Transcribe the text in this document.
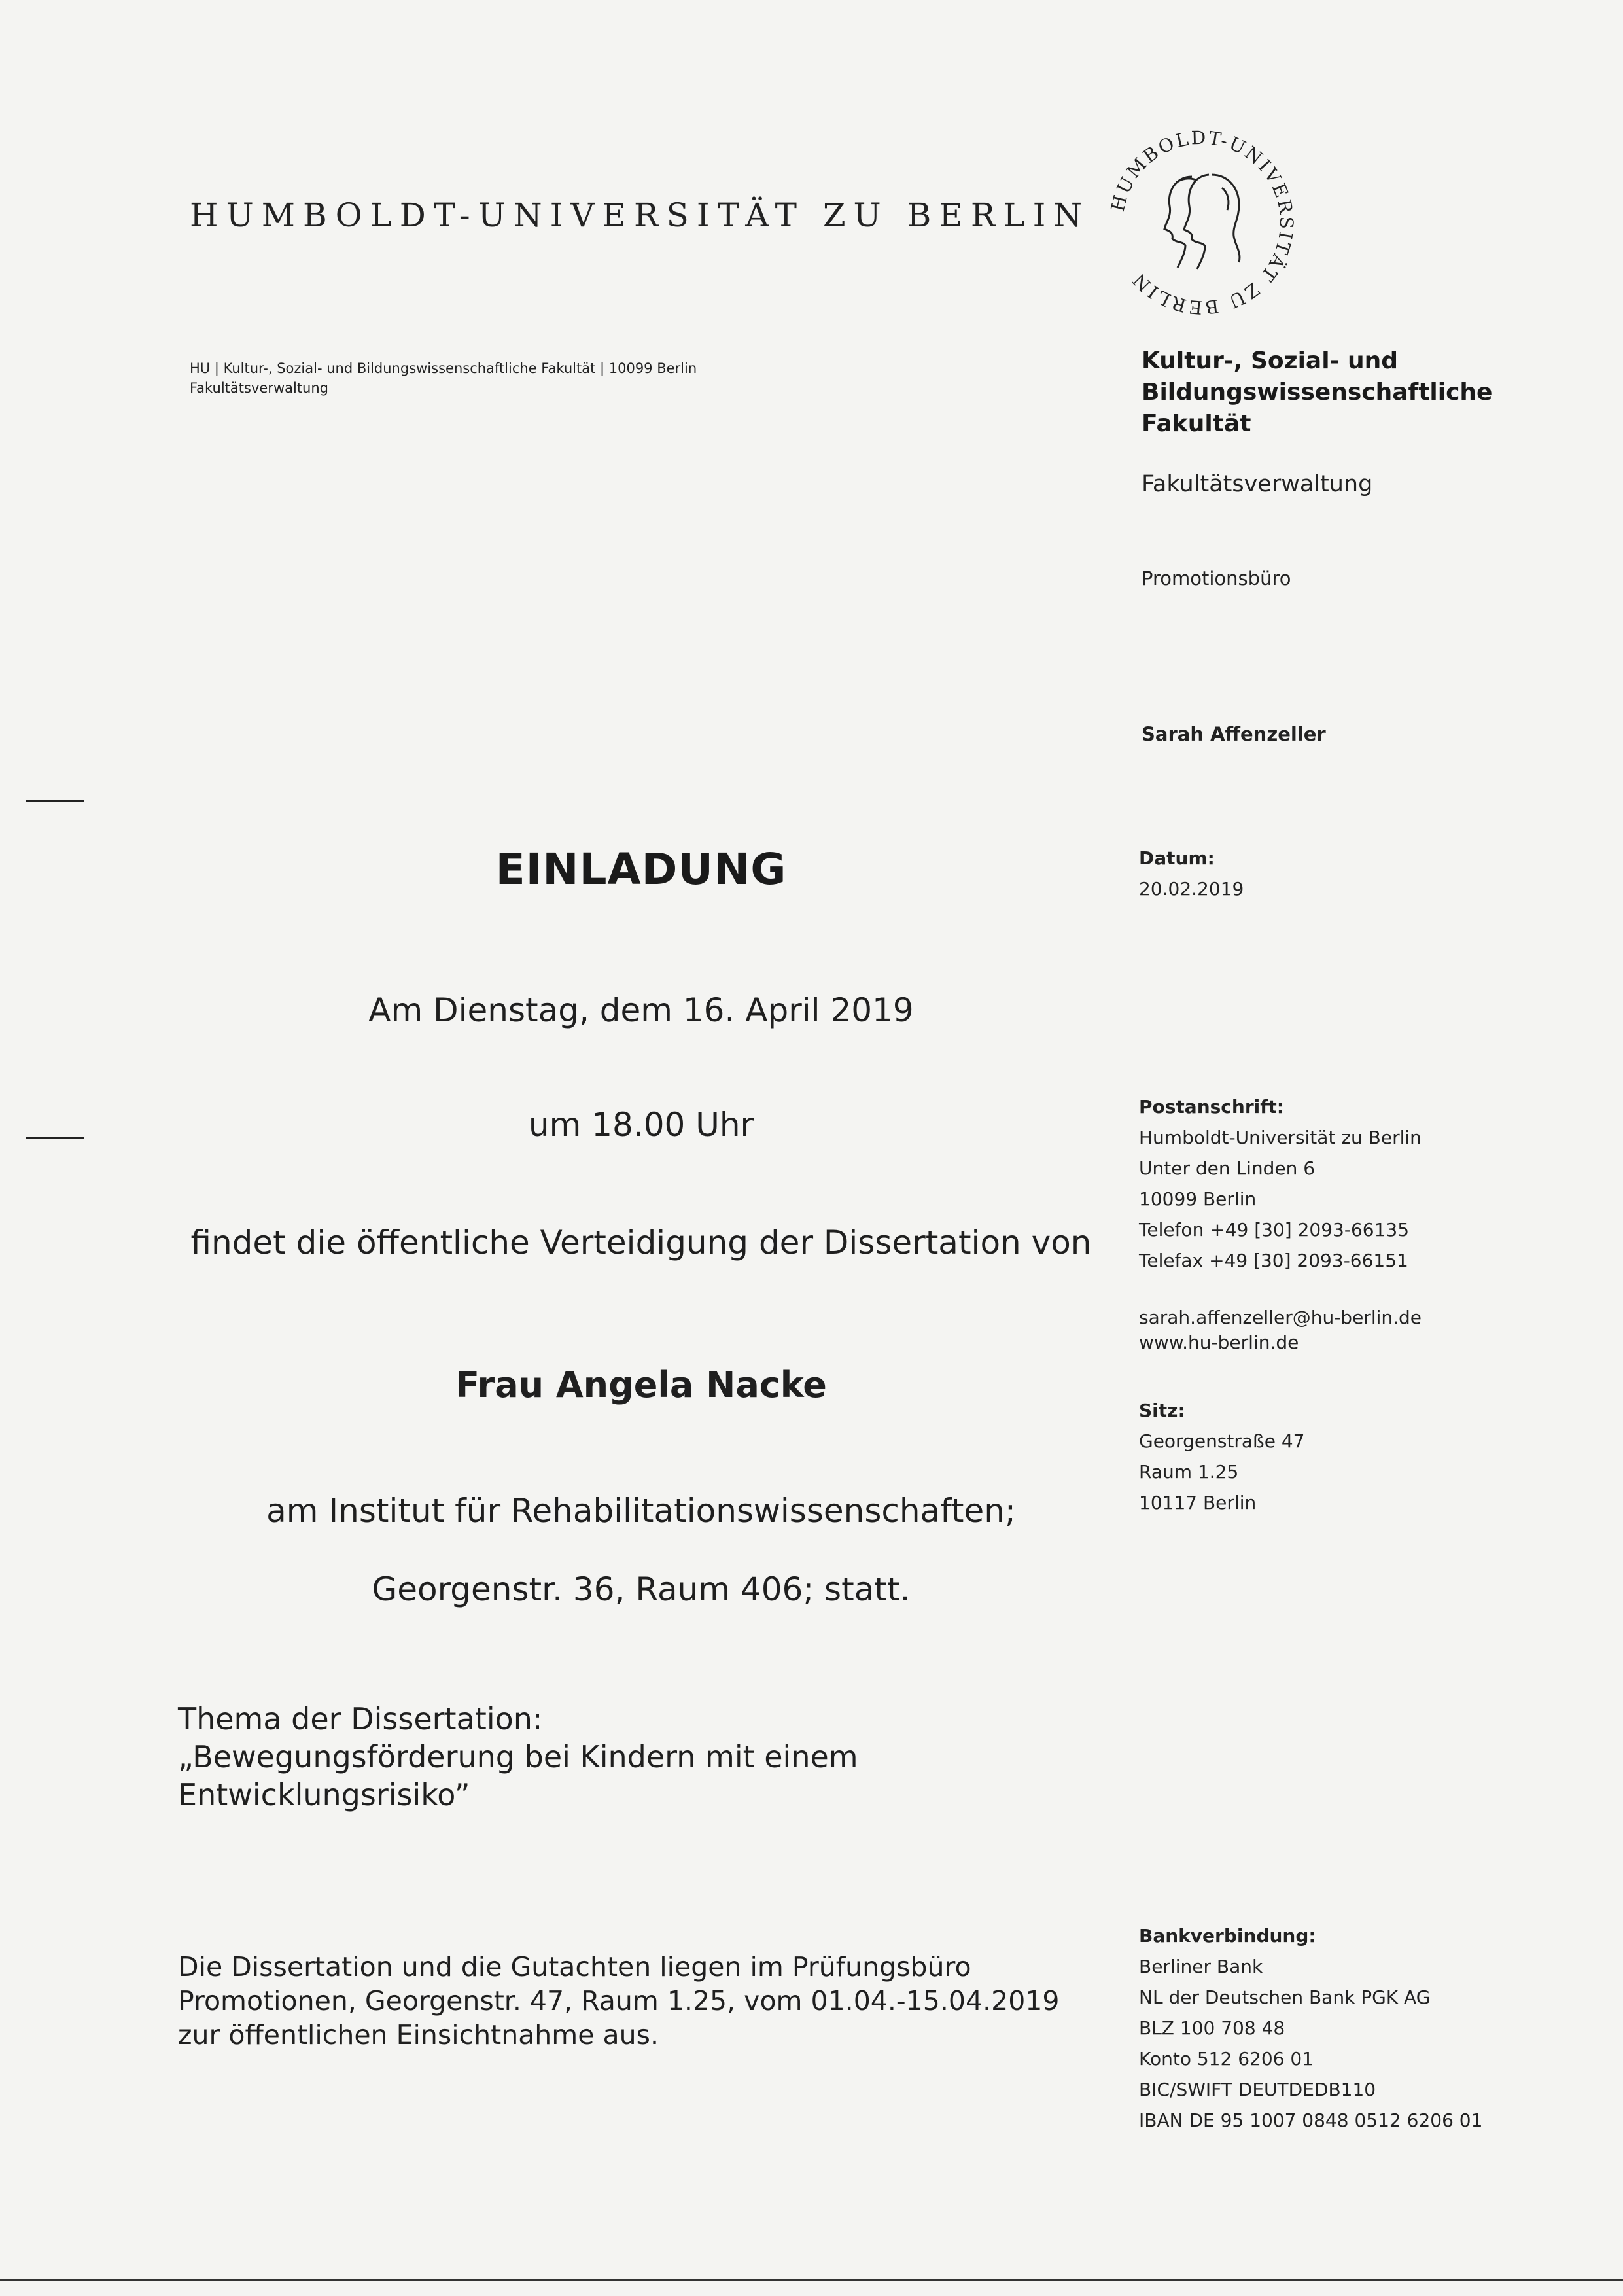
HUMBOLDT-UNIVERSITÄT ZU BERLIN HUMBOLDT-UNIVERSITÄT ZU BERLIN
HU | Kultur-, Sozial- und Bildungswissenschaftliche Fakultät | 10099 Berlin
Fakultätsverwaltung
Kultur-, Sozial- und
Bildungswissenschaftliche
Fakultät
Fakultätsverwaltung
Promotionsbüro
Sarah Affenzeller
Datum:
20.02.2019
Postanschrift:
Humboldt-Universität zu Berlin
Unter den Linden 6
10099 Berlin
Telefon +49 [30] 2093-66135
Telefax +49 [30] 2093-66151
sarah.affenzeller@hu-berlin.de
www.hu-berlin.de
Sitz:
Georgenstraße 47
Raum 1.25
10117 Berlin
Bankverbindung:
Berliner Bank
NL der Deutschen Bank PGK AG
BLZ 100 708 48
Konto 512 6206 01
BIC/SWIFT DEUTDEDB110
IBAN DE 95 1007 0848 0512 6206 01
EINLADUNG
Am Dienstag, dem 16. April 2019
um 18.00 Uhr
findet die öffentliche Verteidigung der Dissertation von
Frau Angela Nacke
am Institut für Rehabilitationswissenschaften;
Georgenstr. 36, Raum 406; statt.
Thema der Dissertation:
„Bewegungsförderung bei Kindern mit einem
Entwicklungsrisiko”
Die Dissertation und die Gutachten liegen im Prüfungsbüro
Promotionen, Georgenstr. 47, Raum 1.25, vom 01.04.-15.04.2019
zur öffentlichen Einsichtnahme aus.
